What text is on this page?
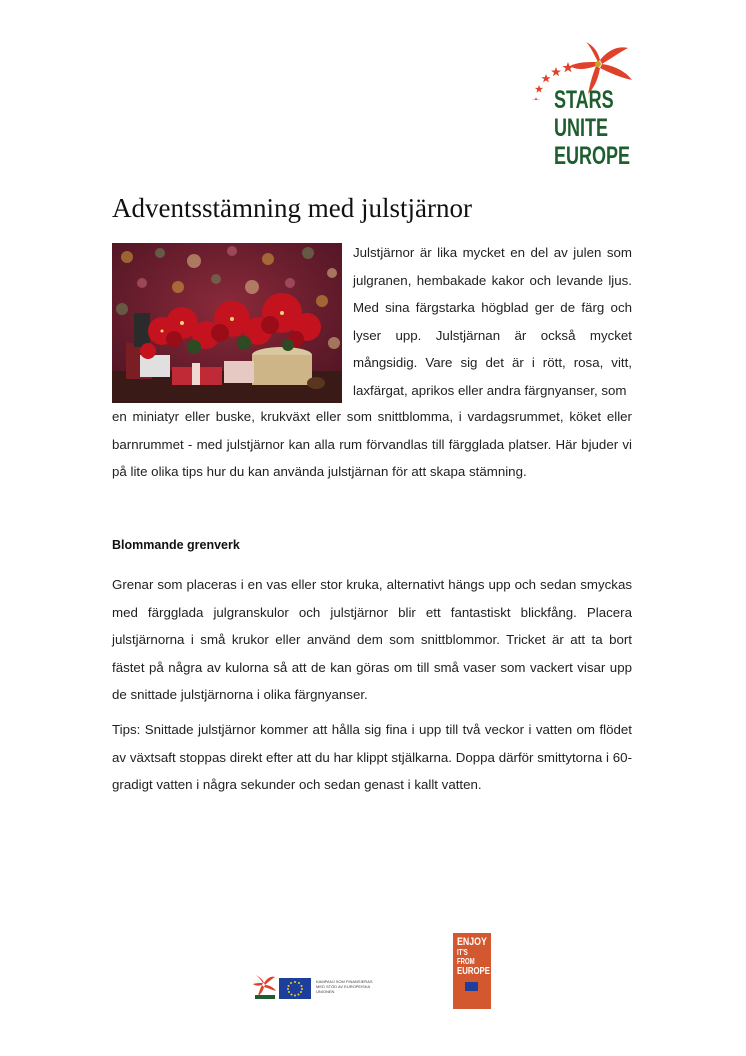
STARS
UNITE
EUROPE
Adventsstämning med julstjärnor

Julstjärnor är lika mycket en del av julen som julgranen, hembakade kakor och levande ljus. Med sina färgstarka högblad ger de färg och lyser upp. Julstjärnan är också mycket mångsidig. Vare sig det är i rött, rosa, vitt, laxfärgat, aprikos eller andra färgnyanser, som

en miniatyr eller buske, krukväxt eller som snittblomma, i vardagsrummet, köket eller barnrummet - med julstjärnor kan alla rum förvandlas till färgglada platser. Här bjuder vi på lite olika tips hur du kan använda julstjärnan för att skapa stämning.

Blommande grenverk

Grenar som placeras i en vas eller stor kruka, alternativt hängs upp och sedan smyckas med färgglada julgranskulor och julstjärnor blir ett fantastiskt blickfång. Placera julstjärnorna i små krukor eller använd dem som snittblommor. Tricket är att ta bort fästet på några av kulorna så att de kan göras om till små vaser som vackert visar upp de snittade julstjärnorna i olika färgnyanser.

Tips: Snittade julstjärnor kommer att hålla sig fina i upp till två veckor i vatten om flödet av växtsaft stoppas direkt efter att du har klippt stjälkarna. Doppa därför smittytorna i 60-gradigt vatten i några sekunder och sedan genast i kallt vatten.

KAMPANJ SOM FINANSIERAS MED STÖD AV EUROPEISKA UNIONEN
ENJOY
IT'S FROM
EUROPE
